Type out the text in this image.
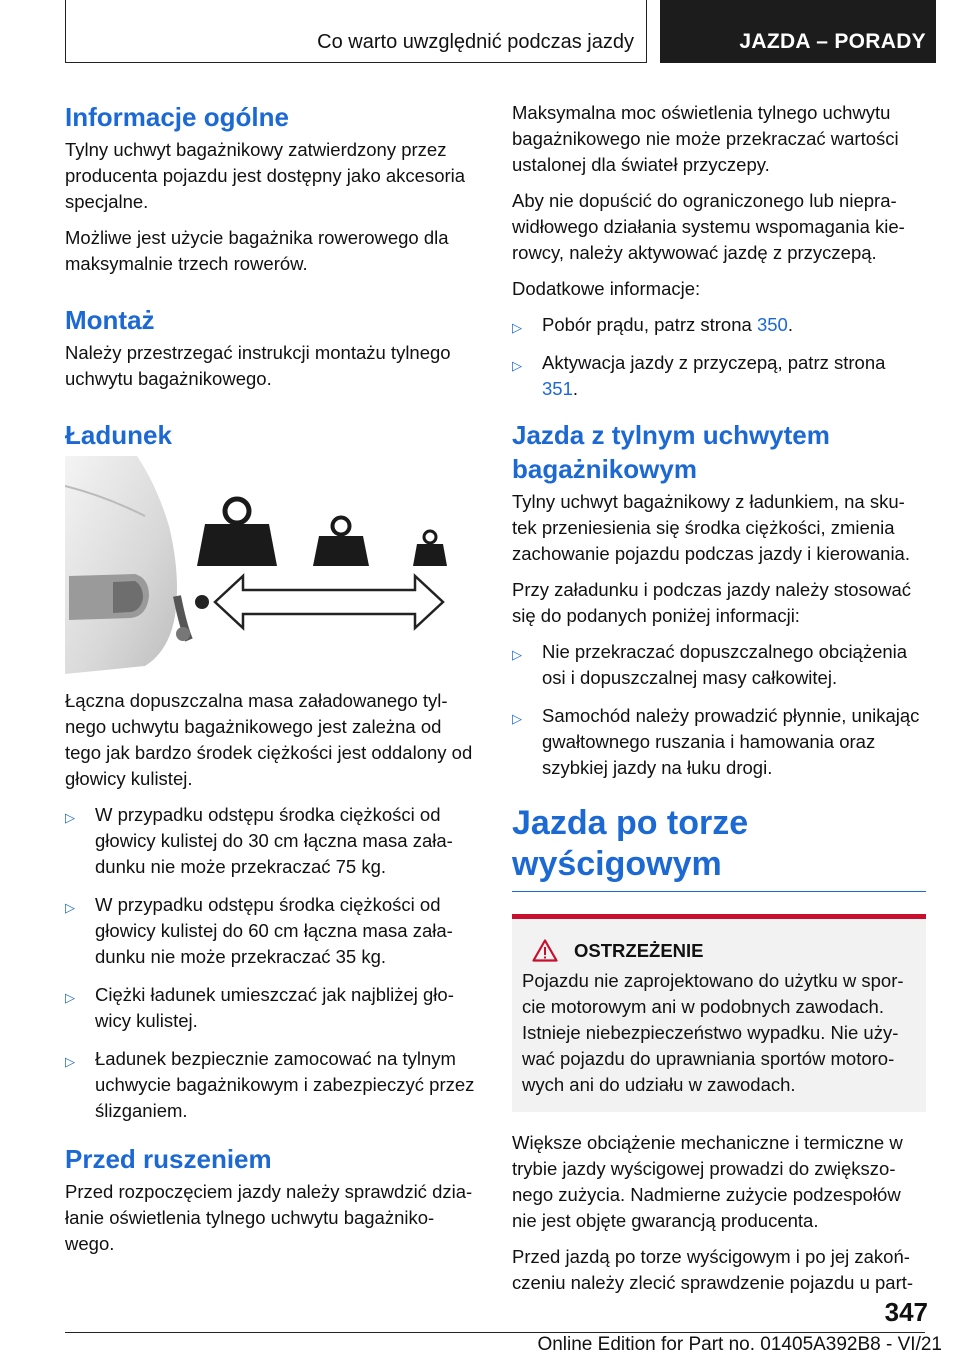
Co warto uwzględnić podczas jazdy	JAZDA – PORADY
Informacje ogólne

Tylny uchwyt bagażnikowy zatwierdzony przez producenta pojazdu jest dostępny jako akcesoria specjalne.

Możliwe jest użycie bagażnika rowerowego dla maksymalnie trzech rowerów.

Montaż

Należy przestrzegać instrukcji montażu tylnego uchwytu bagażnikowego.

Ładunek

Łączna dopuszczalna masa załadowanego tyl-nego uchwytu bagażnikowego jest zależna od tego jak bardzo środek ciężkości jest oddalony od głowicy kulistej.

▷ W przypadku odstępu środka ciężkości od głowicy kulistej do 30 cm łączna masa zała-dunku nie może przekraczać 75 kg.
▷ W przypadku odstępu środka ciężkości od głowicy kulistej do 60 cm łączna masa zała-dunku nie może przekraczać 35 kg.
▷ Ciężki ładunek umieszczać jak najbliżej gło-wicy kulistej.
▷ Ładunek bezpiecznie zamocować na tylnym uchwycie bagażnikowym i zabezpieczyć przez ślizganiem.
Przed ruszeniem

Przed rozpoczęciem jazdy należy sprawdzić dzia-łanie oświetlenia tylnego uchwytu bagażniko-wego.

Maksymalna moc oświetlenia tylnego uchwytu bagażnikowego nie może przekraczać wartości ustalonej dla świateł przyczepy.

Aby nie dopuścić do ograniczonego lub niepra-widłowego działania systemu wspomagania kie-rowcy, należy aktywować jazdę z przyczepą.

Dodatkowe informacje:

▷ Pobór prądu, patrz strona 350.
▷ Aktywacja jazdy z przyczepą, patrz strona 351.
Jazda z tylnym uchwytem bagażnikowym

Tylny uchwyt bagażnikowy z ładunkiem, na sku-tek przeniesienia się środka ciężkości, zmienia zachowanie pojazdu podczas jazdy i kierowania.

Przy załadunku i podczas jazdy należy stosować się do podanych poniżej informacji:

▷ Nie przekraczać dopuszczalnego obciążenia osi i dopuszczalnej masy całkowitej.
▷ Samochód należy prowadzić płynnie, unikając gwałtownego ruszania i hamowania oraz szybkiej jazdy na łuku drogi.
Jazda po torze wyścigowym
OSTRZEŻENIE

Pojazdu nie zaprojektowano do użytku w spor-cie motorowym ani w podobnych zawodach. Istnieje niebezpieczeństwo wypadku. Nie uży-wać pojazdu do uprawniania sportów motoro-wych ani do udziału w zawodach.

Większe obciążenie mechaniczne i termiczne w trybie jazdy wyścigowej prowadzi do zwiększo-nego zużycia. Nadmierne zużycie podzespołów nie jest objęte gwarancją producenta.

Przed jazdą po torze wyścigowym i po jej zakoń-czeniu należy zlecić sprawdzenie pojazdu u part-

347
Online Edition for Part no. 01405A392B8 - VI/21
